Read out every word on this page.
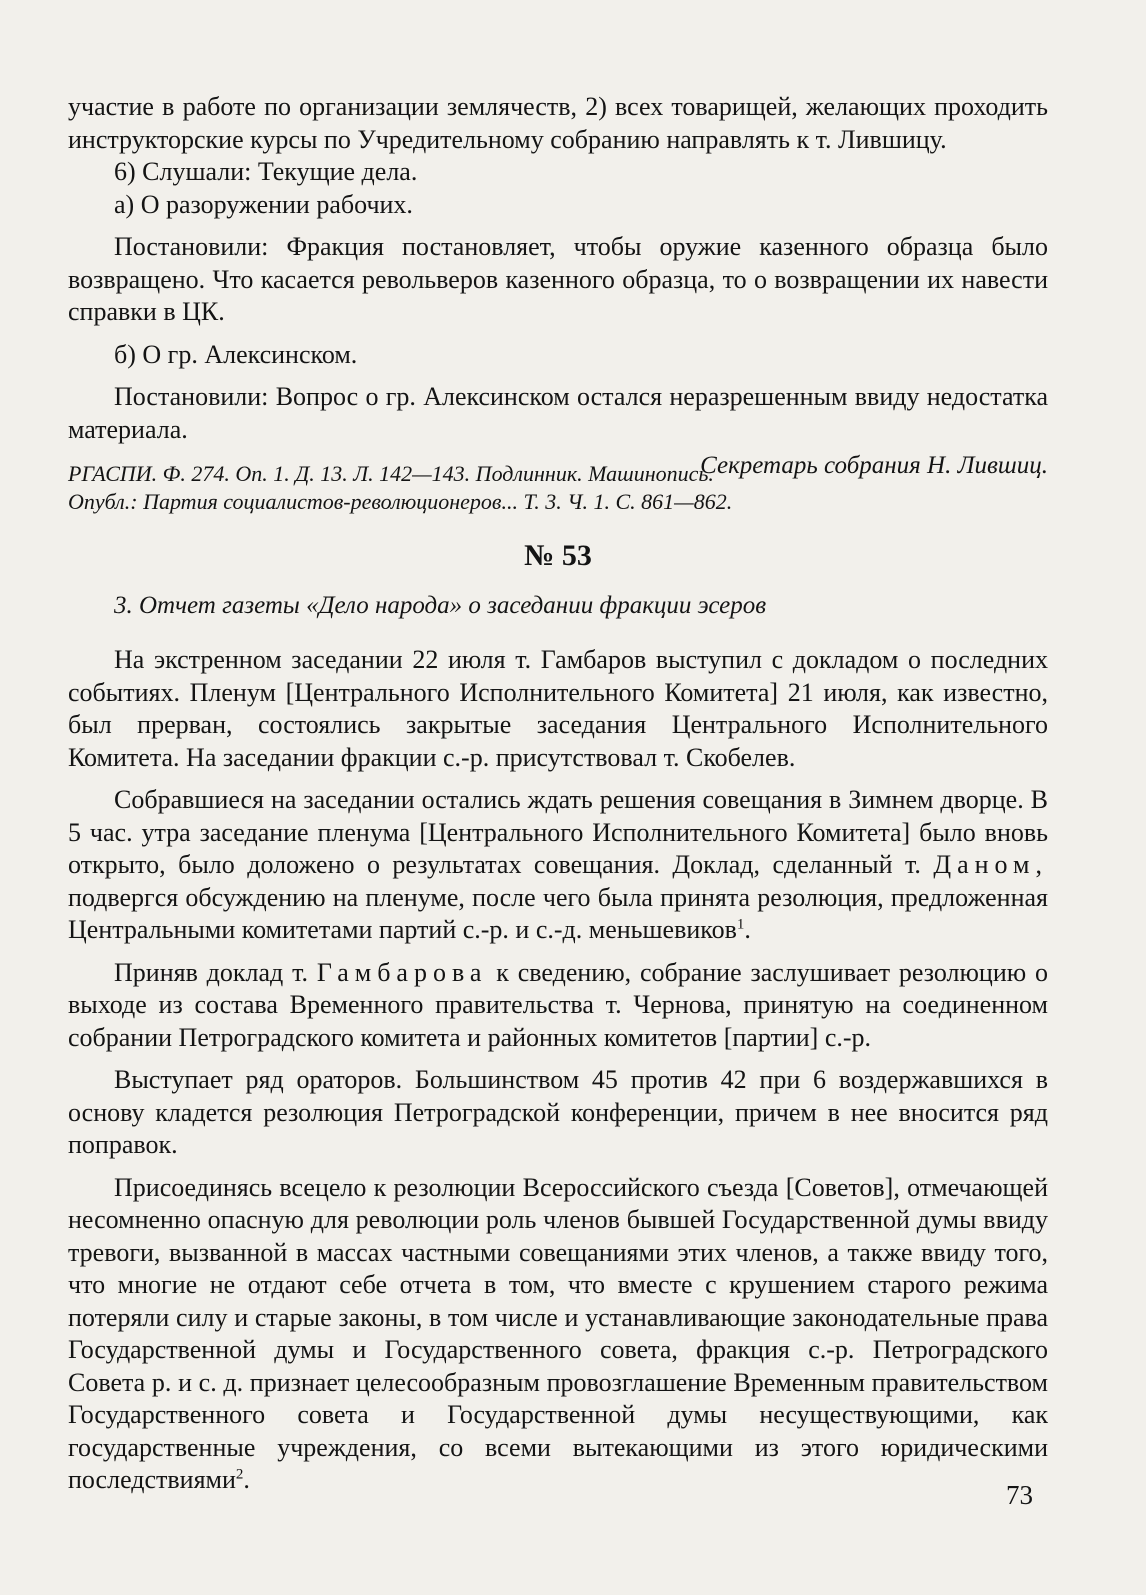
участие в работе по организации землячеств, 2) всех товарищей, желающих проходить инструкторские курсы по Учредительному собранию направлять к т. Лившицу.

6) Слушали: Текущие дела.

а) О разоружении рабочих.

Постановили: Фракция постановляет, чтобы оружие казенного образца было возвращено. Что касается револьверов казенного образца, то о возвращении их навести справки в ЦК.

б) О гр. Алексинском.

Постановили: Вопрос о гр. Алексинском остался неразрешенным ввиду недостатка материала.

Секретарь собрания Н. Лившиц.

РГАСПИ. Ф. 274. Оп. 1. Д. 13. Л. 142—143. Подлинник. Машинопись.

Опубл.: Партия социалистов-революционеров... Т. 3. Ч. 1. С. 861—862.

№ 53

3. Отчет газеты «Дело народа» о заседании фракции эсеров

На экстренном заседании 22 июля т. Гамбаров выступил с докладом о последних событиях. Пленум [Центрального Исполнительного Комитета] 21 июля, как известно, был прерван, состоялись закрытые заседания Центрального Исполнительного Комитета. На заседании фракции с.-р. присутствовал т. Скобелев.

Собравшиеся на заседании остались ждать решения совещания в Зимнем дворце. В 5 час. утра заседание пленума [Центрального Исполнительного Комитета] было вновь открыто, было доложено о результатах совещания. Доклад, сделанный т. Даном, подвергся обсуждению на пленуме, после чего была принята резолюция, предложенная Центральными комитетами партий с.-р. и с.-д. меньшевиков$^1$.

Приняв доклад т. Гамбарова к сведению, собрание заслушивает резолюцию о выходе из состава Временного правительства т. Чернова, принятую на соединенном собрании Петроградского комитета и районных комитетов [партии] с.-р.

Выступает ряд ораторов. Большинством 45 против 42 при 6 воздержавшихся в основу кладется резолюция Петроградской конференции, причем в нее вносится ряд поправок.

Присоединясь всецело к резолюции Всероссийского съезда [Советов], отмечающей несомненно опасную для революции роль членов бывшей Государственной думы ввиду тревоги, вызванной в массах частными совещаниями этих членов, а также ввиду того, что многие не отдают себе отчета в том, что вместе с крушением старого режима потеряли силу и старые законы, в том числе и устанавливающие законодательные права Государственной думы и Государственного совета, фракция с.-р. Петроградского Совета р. и с. д. признает целесообразным провозглашение Временным правительством Государственного совета и Государственной думы несуществующими, как государственные учреждения, со всеми вытекающими из этого юридическими последствиями$^2$.

73
